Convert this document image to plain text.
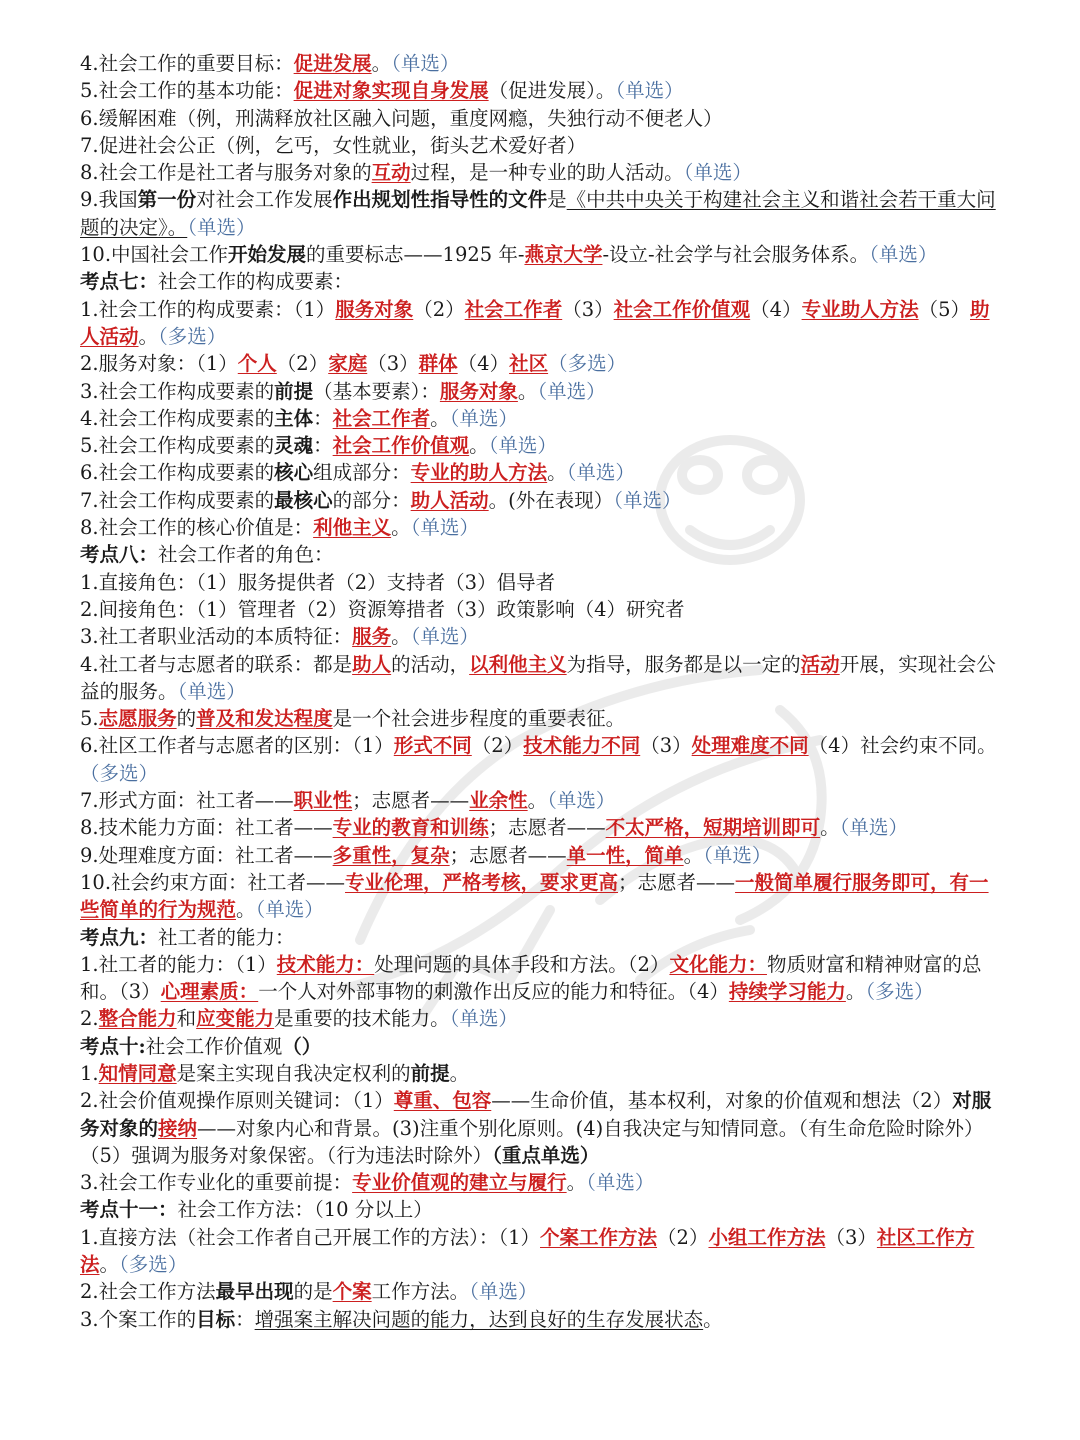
4.社会工作的重要目标：促进发展。（单选）

5.社会工作的基本功能：促进对象实现自身发展（促进发展）。（单选）

6.缓解困难（例，刑满释放社区融入问题，重度网瘾，失独行动不便老人）

7.促进社会公正（例，乞丐，女性就业，街头艺术爱好者）

8.社会工作是社工者与服务对象的互动过程，是一种专业的助人活动。（单选）

9.我国第一份对社会工作发展作出规划性指导性的文件是《中共中央关于构建社会主义和谐社会若干重大问题的决定》。（单选）

10.中国社会工作开始发展的重要标志——1925 年-燕京大学-设立-社会学与社会服务体系。（单选）

考点七：社会工作的构成要素：

1.社会工作的构成要素：（1）服务对象（2）社会工作者（3）社会工作价值观（4）专业助人方法（5）助人活动。（多选）

2.服务对象：（1）个人（2）家庭（3）群体（4）社区（多选）

3.社会工作构成要素的前提（基本要素）：服务对象。（单选）

4.社会工作构成要素的主体：社会工作者。（单选）

5.社会工作构成要素的灵魂：社会工作价值观。（单选）

6.社会工作构成要素的核心组成部分：专业的助人方法。（单选）

7.社会工作构成要素的最核心的部分：助人活动。(外在表现）（单选）

8.社会工作的核心价值是：利他主义。（单选）

考点八：社会工作者的角色：

1.直接角色：（1）服务提供者（2）支持者（3）倡导者

2.间接角色：（1）管理者（2）资源筹措者（3）政策影响（4）研究者

3.社工者职业活动的本质特征：服务。（单选）

4.社工者与志愿者的联系：都是助人的活动，以利他主义为指导，服务都是以一定的活动开展，实现社会公益的服务。（单选）

5.志愿服务的普及和发达程度是一个社会进步程度的重要表征。

6.社区工作者与志愿者的区别：（1）形式不同（2）技术能力不同（3）处理难度不同（4）社会约束不同。（多选）

7.形式方面：社工者——职业性；志愿者——业余性。（单选）

8.技术能力方面：社工者——专业的教育和训练；志愿者——不太严格，短期培训即可。（单选）

9.处理难度方面：社工者——多重性，复杂；志愿者——单一性，简单。（单选）

10.社会约束方面：社工者——专业伦理，严格考核，要求更高；志愿者——一般简单履行服务即可，有一些简单的行为规范。（单选）

考点九：社工者的能力：

1.社工者的能力：（1）技术能力：处理问题的具体手段和方法。（2）文化能力：物质财富和精神财富的总和。（3）心理素质：一个人对外部事物的刺激作出反应的能力和特征。（4）持续学习能力。（多选）

2.整合能力和应变能力是重要的技术能力。（单选）

考点十:社会工作价值观（）

1.知情同意是案主实现自我决定权利的前提。

2.社会价值观操作原则关键词：（1）尊重、包容——生命价值，基本权利，对象的价值观和想法（2）对服务对象的接纳——对象内心和背景。(3)注重个别化原则。(4)自我决定与知情同意。（有生命危险时除外）（5）强调为服务对象保密。（行为违法时除外）（重点单选）

3.社会工作专业化的重要前提：专业价值观的建立与履行。（单选）

考点十一：社会工作方法：（10 分以上）

1.直接方法（社会工作者自己开展工作的方法）：（1）个案工作方法（2）小组工作方法（3）社区工作方法。（多选）

2.社会工作方法最早出现的是个案工作方法。（单选）

3.个案工作的目标：增强案主解决问题的能力，达到良好的生存发展状态。
